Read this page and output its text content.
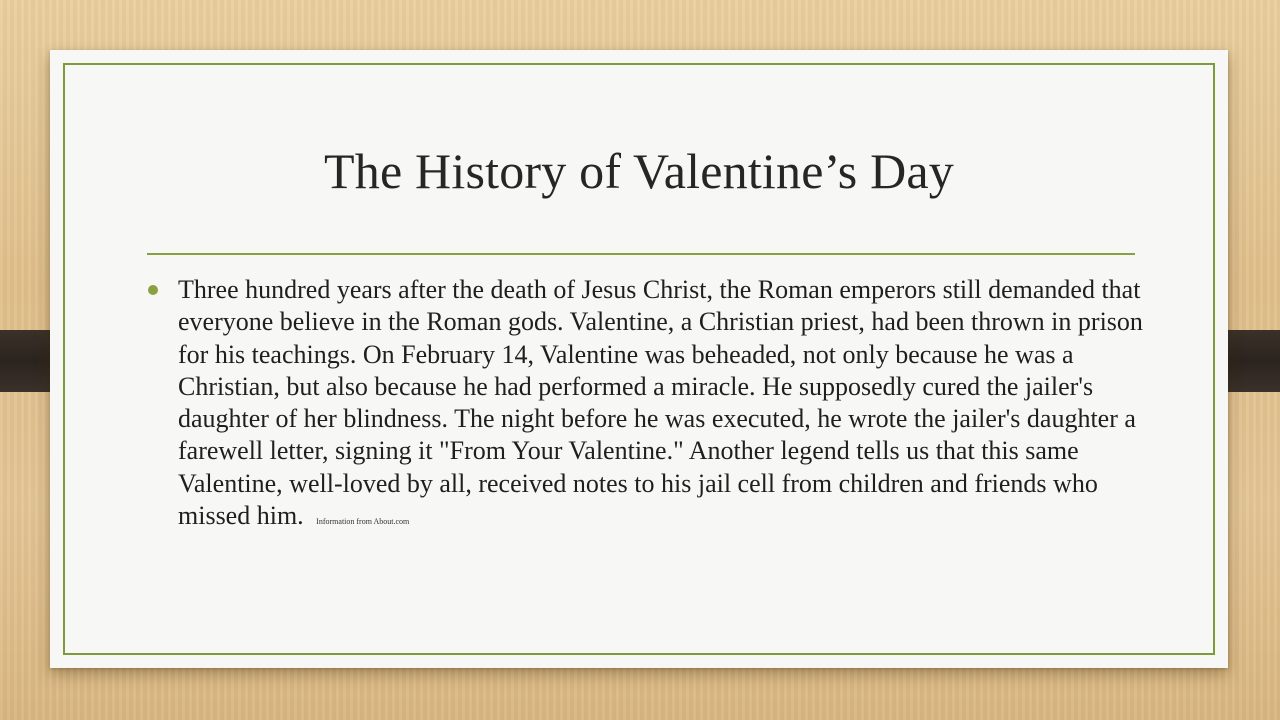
The History of Valentine’s Day

Three hundred years after the death of Jesus Christ, the Roman emperors still demanded that everyone believe in the Roman gods. Valentine, a Christian priest, had been thrown in prison for his teachings. On February 14, Valentine was beheaded, not only because he was a Christian, but also because he had performed a miracle. He supposedly cured the jailer's daughter of her blindness. The night before he was executed, he wrote the jailer's daughter a farewell letter, signing it "From Your Valentine." Another legend tells us that this same Valentine, well-loved by all, received notes to his jail cell from children and friends who missed him. Information from About.com
